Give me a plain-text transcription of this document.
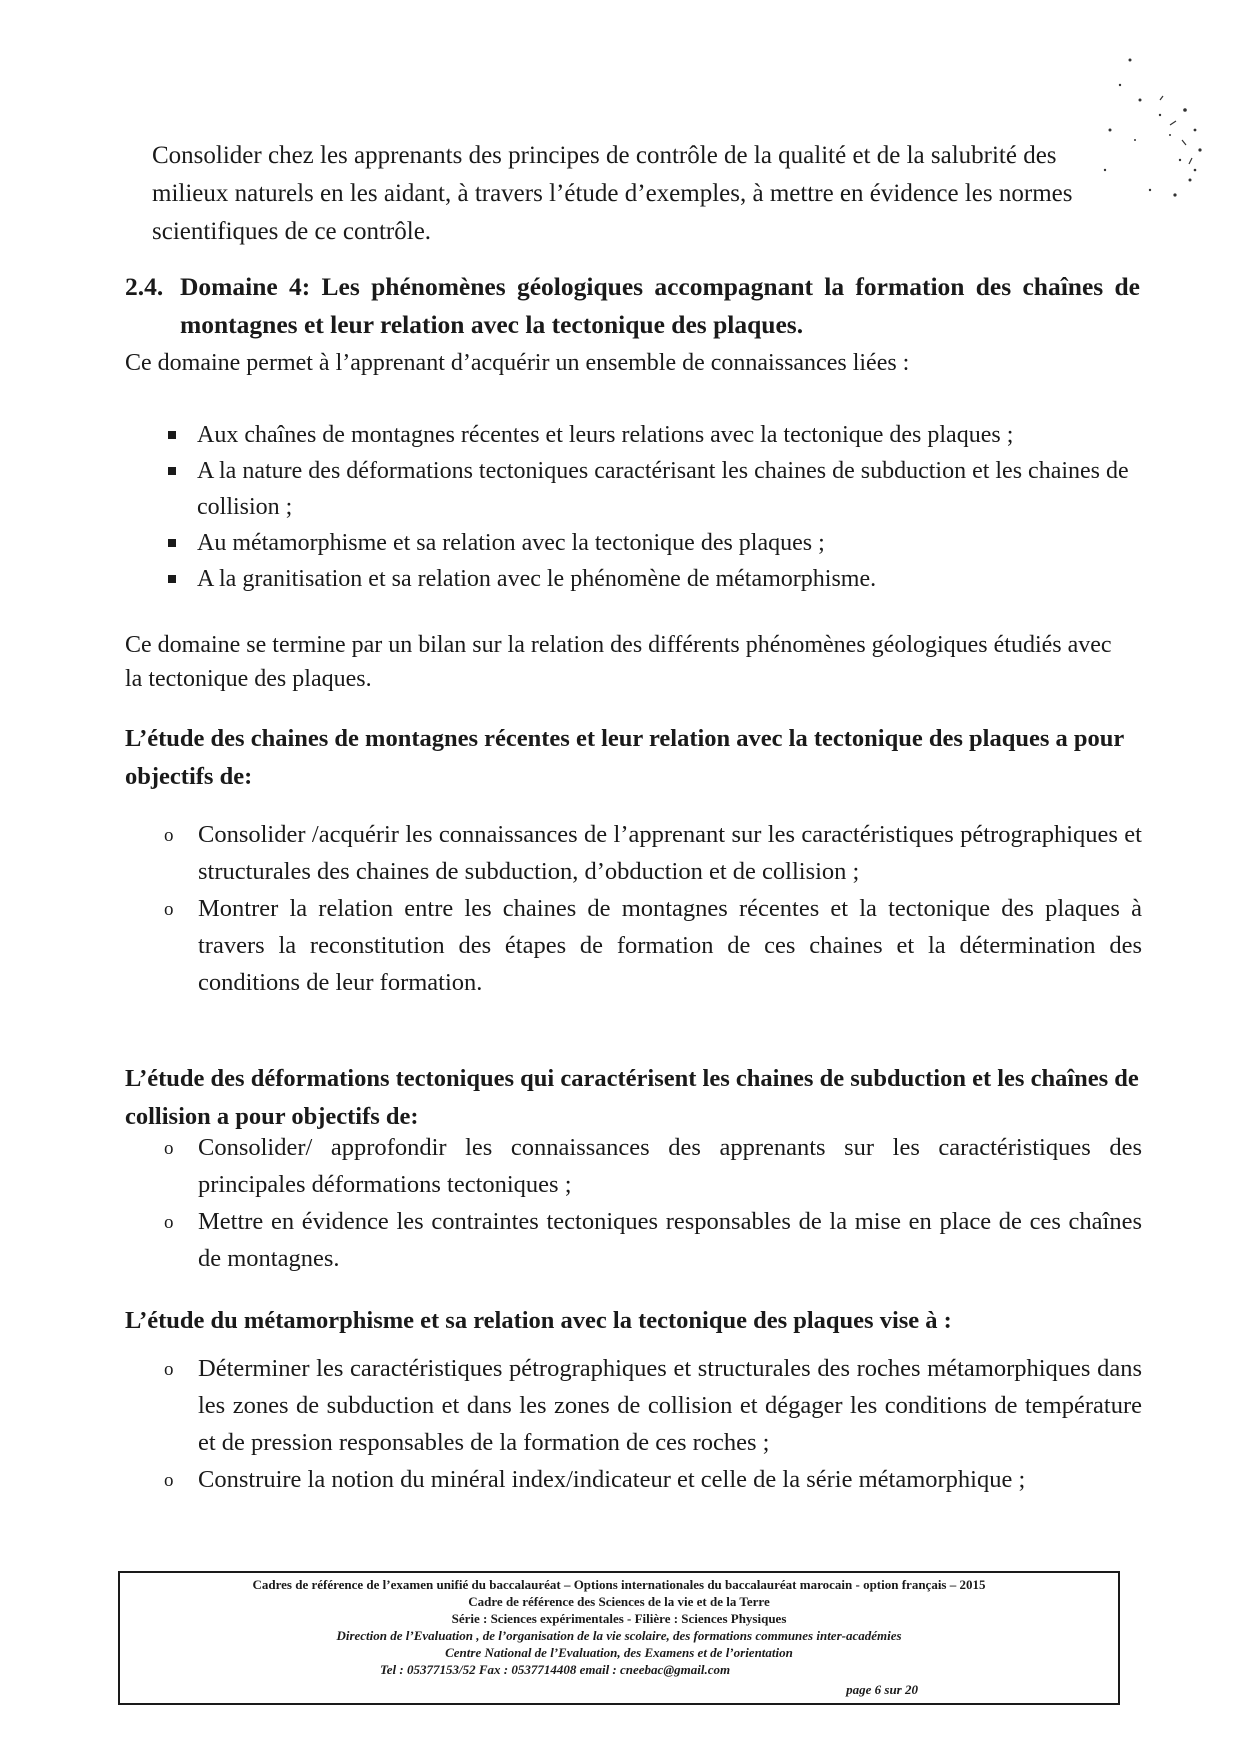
Consolider chez les apprenants des principes de contrôle de la qualité et de la salubrité des milieux naturels en les aidant, à travers l’étude d’exemples, à mettre en évidence les normes scientifiques de ce contrôle.

2.4. Domaine 4: Les phénomènes géologiques accompagnant la formation des chaînes de montagnes et leur relation avec la tectonique des plaques.

Ce domaine permet à l’apprenant d’acquérir un ensemble de connaissances liées :

Aux chaînes de montagnes récentes et leurs relations avec la tectonique des plaques ;
A la nature des déformations tectoniques caractérisant les chaines de subduction et les chaines de collision ;
Au métamorphisme et sa relation avec la tectonique des plaques ;
A la granitisation et sa relation avec le phénomène de métamorphisme.

Ce domaine se termine par un bilan sur la relation des différents phénomènes géologiques étudiés avec la tectonique des plaques.

L’étude des chaines de montagnes récentes et leur relation avec la tectonique des plaques a pour objectifs de:
o Consolider /acquérir les connaissances de l’apprenant sur les caractéristiques pétrographiques et structurales des chaines de subduction, d’obduction et de collision ;
o Montrer la relation entre les chaines de montagnes récentes et la tectonique des plaques à travers la reconstitution des étapes de formation de ces chaines et la détermination des conditions de leur formation.
L’étude des déformations tectoniques qui caractérisent les chaines de subduction et les chaînes de collision a pour objectifs de:
o Consolider/ approfondir les connaissances des apprenants sur les caractéristiques des principales déformations tectoniques ;
o Mettre en évidence les contraintes tectoniques responsables de la mise en place de ces chaînes de montagnes.
L’étude du métamorphisme et sa relation avec la tectonique des plaques vise à :
o Déterminer les caractéristiques pétrographiques et structurales des roches métamorphiques dans les zones de subduction et dans les zones de collision et dégager les conditions de température et de pression responsables de la formation de ces roches ;
o Construire la notion du minéral index/indicateur et celle de la série métamorphique ;
Cadres de référence de l’examen unifié du baccalauréat – Options internationales du baccalauréat marocain - option français – 2015
Cadre de référence des Sciences de la vie et de la Terre
Série : Sciences expérimentales - Filière : Sciences Physiques
Direction de l’Evaluation , de l’organisation de la vie scolaire, des formations communes inter-académies
Centre National de l’Evaluation, des Examens et de l’orientation
Tel : 05377153/52 Fax : 0537714408 email : cneebac@gmail.com
page 6 sur 20
